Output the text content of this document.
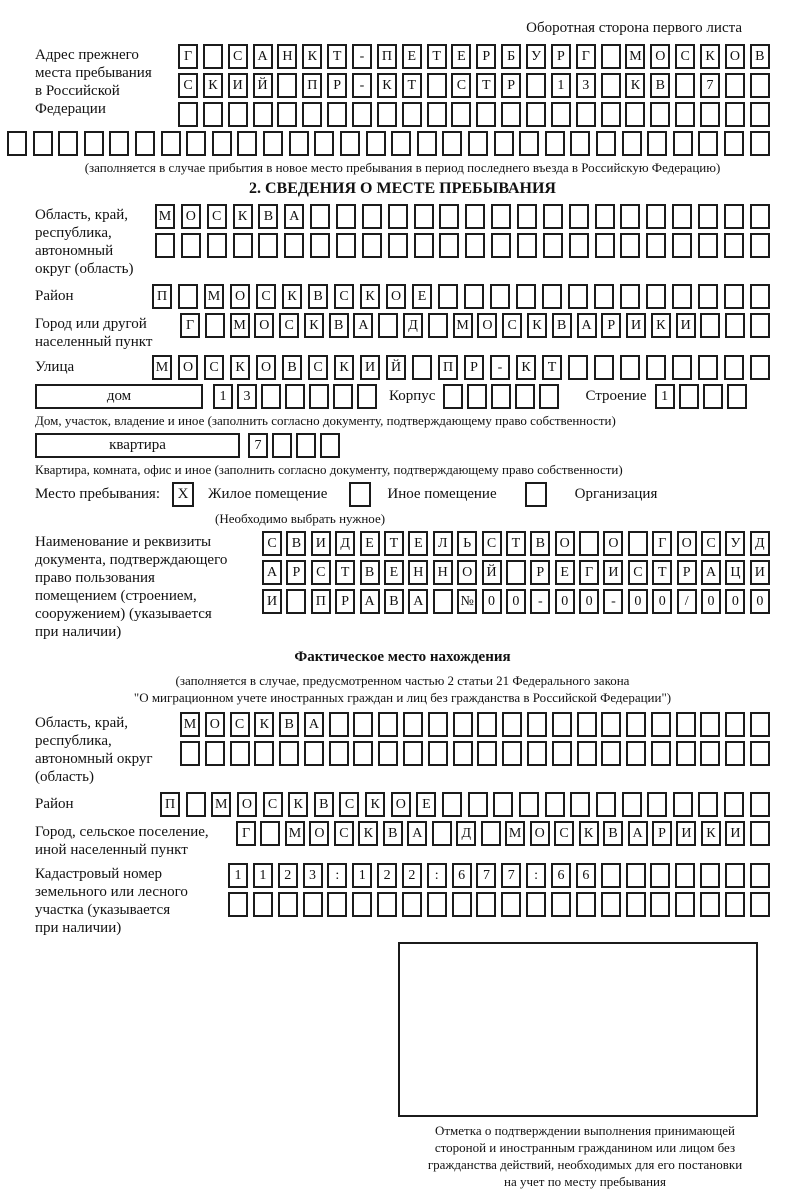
Оборотная сторона первого листа
Адрес прежнего
места пребывания
в Российской
Федерации
Г	С	А	Н	К	Т	-	П	Е	Т	Е	Р	Б	У	Р	Г	М О	С	К	О	В
С	К	И	Й	П	Р	-	К	Т	С	Т	Р	1	3	К	В	7
(заполняется в случае прибытия в новое место пребывания в период последнего въезда в Российскую Федерацию)
2. СВЕДЕНИЯ О МЕСТЕ ПРЕБЫВАНИЯ
Область, край,
республика,
автономный
округ (область)
М	О	С	К	В	А
Район	П	М	О	С	К	В	С	К	О	Е
Город или другой
населенный пункт
Г	М О	С	К	В	А	Д	М О	С	К	В	А	Р	И	К	И
Улица	М	О	С	К	О	В	С	К	И	Й	П	Р	-	К	Т
дом	1	3	Корпус	Строение	1
Дом, участок, владение и иное (заполнить согласно документу, подтверждающему право собственности)
квартира	7
Квартира, комната, офис и иное (заполнить согласно документу, подтверждающему право собственности)
Место пребывания:	X	Жилое помещение	Иное помещение	Организация
(Необходимо выбрать нужное)
Наименование и реквизиты
документа, подтверждающего
право пользования
помещением (строением,
сооружением) (указывается
при наличии)
С	В	И	Д	Е	Т	Е	Л	Ь	С	Т	В	О	О	Г	О	С	У	Д
А	Р	С	Т	В	Е	Н	Н	О	Й	Р	Е	Г	И	С	Т	Р	А	Ц	И
И	П	Р	А	В	А	№	0	0	-	0	0	-	0	0	/	0	0	0
Фактическое место нахождения
(заполняется в случае, предусмотренном частью 2 статьи 21 Федерального закона
"О миграционном учете иностранных граждан и лиц без гражданства в Российской Федерации")
Область, край,
республика,
автономный округ
(область)
М О	С	К	В	А
Район	П	М	О	С	К	В	С	К	О	Е
Город, сельское поселение,
иной населенный пункт
Г	М О	С	К	В	А	Д	М О	С	К	В	А	Р	И	К	И
Кадастровый номер
земельного или лесного
участка (указывается
при наличии)
1	1	2	3	:	1	2	2	:	6	7	7	:	6	6
Отметка о подтверждении выполнения принимающей
стороной и иностранным гражданином или лицом без
гражданства действий, необходимых для его постановки
на учет по месту пребывания
